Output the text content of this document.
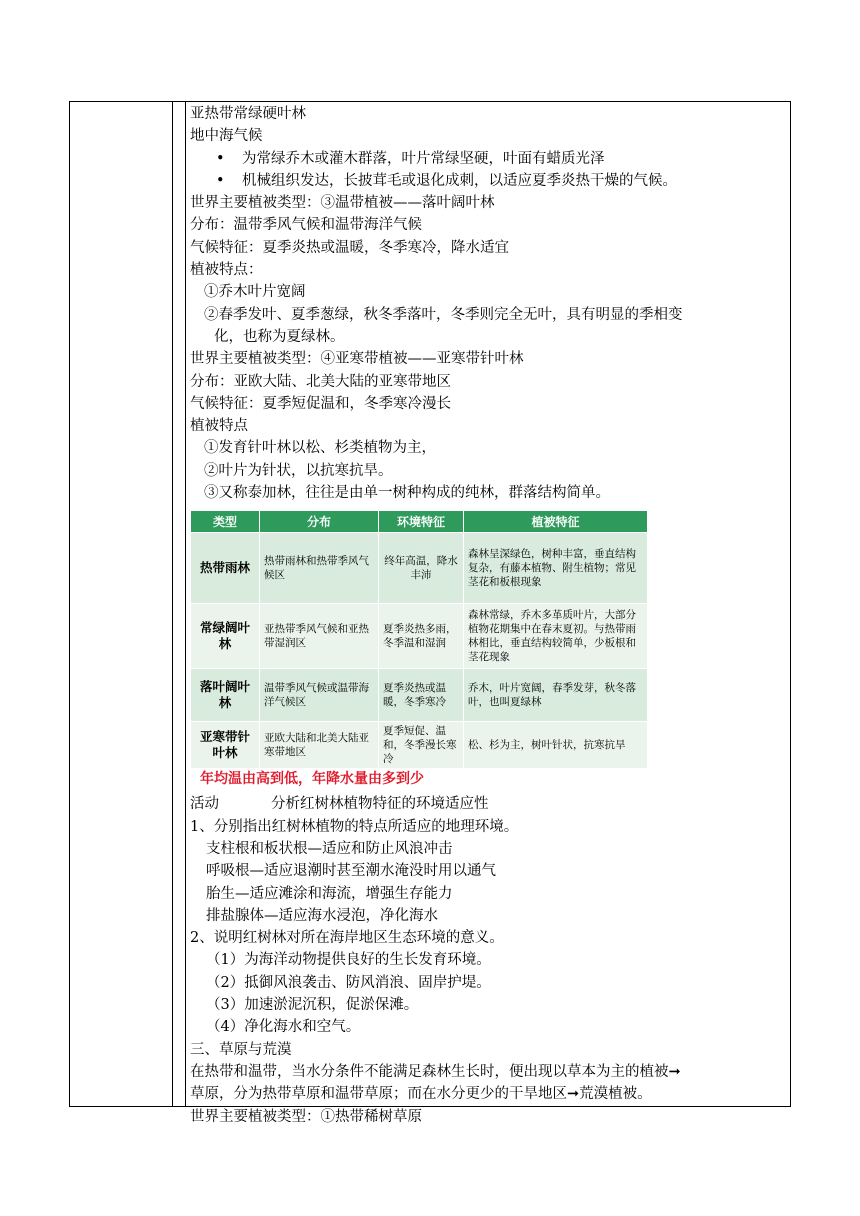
亚热带常绿硬叶林
地中海气候
• 为常绿乔木或灌木群落，叶片常绿坚硬，叶面有蜡质光泽
• 机械组织发达，长披茸毛或退化成刺，以适应夏季炎热干燥的气候。
世界主要植被类型：③温带植被——落叶阔叶林
分布：温带季风气候和温带海洋气候
气候特征：夏季炎热或温暖，冬季寒冷，降水适宜
植被特点：
①乔木叶片宽阔
②春季发叶、夏季葱绿，秋冬季落叶，冬季则完全无叶，具有明显的季相变
化，也称为夏绿林。
世界主要植被类型：④亚寒带植被——亚寒带针叶林
分布：亚欧大陆、北美大陆的亚寒带地区
气候特征：夏季短促温和，冬季寒冷漫长
植被特点
①发育针叶林以松、杉类植物为主，
②叶片为针状，以抗寒抗旱。
③又称泰加林，往往是由单一树种构成的纯林，群落结构简单。
类型	分布	环境特征	植被特征
热带雨林	热带雨林和热带季风气候区	终年高温，降水丰沛	森林呈深绿色，树种丰富，垂直结构复杂，有藤本植物、附生植物；常见茎花和板根现象
常绿阔叶林	亚热带季风气候和亚热带湿润区	夏季炎热多雨，冬季温和湿润	森林常绿，乔木多革质叶片，大部分植物花期集中在春末夏初。与热带雨林相比，垂直结构较简单，少板根和茎花现象
落叶阔叶林	温带季风气候或温带海洋气候区	夏季炎热或温暖，冬季寒冷	乔木，叶片宽阔，春季发芽，秋冬落叶，也叫夏绿林
亚寒带针叶林	亚欧大陆和北美大陆亚寒带地区	夏季短促、温和，冬季漫长寒冷	松、杉为主，树叶针状，抗寒抗旱
年均温由高到低，年降水量由多到少
活动	分析红树林植物特征的环境适应性
1、分别指出红树林植物的特点所适应的地理环境。
支柱根和板状根—适应和防止风浪冲击
呼吸根—适应退潮时甚至潮水淹没时用以通气
胎生—适应滩涂和海流，增强生存能力
排盐腺体—适应海水浸泡，净化海水
2、说明红树林对所在海岸地区生态环境的意义。
（1）为海洋动物提供良好的生长发育环境。
（2）抵御风浪袭击、防风消浪、固岸护堤。
（3）加速淤泥沉积，促淤保滩。
（4）净化海水和空气。
三、草原与荒漠
在热带和温带，当水分条件不能满足森林生长时，便出现以草本为主的植被➞
草原，分为热带草原和温带草原；而在水分更少的干旱地区➞荒漠植被。
世界主要植被类型：①热带稀树草原
